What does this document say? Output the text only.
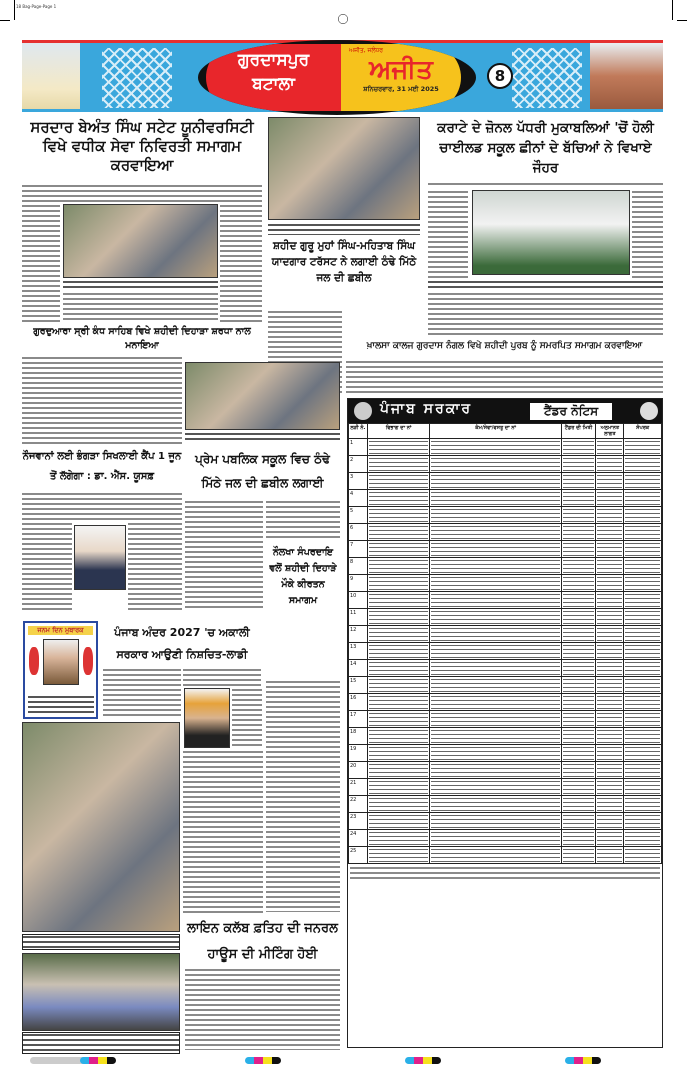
18 Bag-Page-Page 1
8
ਗੁਰਦਾਸਪੁਰ
ਬਟਾਲਾ
ਅਜੀਤ, ਜਲੰਧਰ
ਅਜੀਤ
ਸ਼ਨਿਚਰਵਾਰ, 31 ਮਈ 2025
ਸਰਦਾਰ ਬੇਅੰਤ ਸਿੰਘ ਸਟੇਟ ਯੂਨੀਵਰਸਿਟੀ ਵਿਖੇ ਵਧੀਕ ਸੇਵਾ ਨਿਵਿਰਤੀ ਸਮਾਗਮ ਕਰਵਾਇਆ
ਸ਼ਹੀਦ ਗੁਰੂ ਮੁਹਾਂ ਸਿੰਘ-ਮਹਿਤਾਬ ਸਿੰਘ ਯਾਦਗਾਰ ਟਰੱਸਟ ਨੇ ਲਗਾਈ ਠੰਢੇ ਮਿੱਠੇ ਜਲ ਦੀ ਛਬੀਲ
ਕਰਾਟੇ ਦੇ ਜ਼ੋਨਲ ਪੱਧਰੀ ਮੁਕਾਬਲਿਆਂ 'ਚੋਂ ਹੋਲੀ ਚਾਈਲਡ ਸਕੂਲ ਛੀਨਾਂ ਦੇ ਬੱਚਿਆਂ ਨੇ ਵਿਖਾਏ ਜੌਹਰ
ਖ਼ਾਲਸਾ ਕਾਲਜ ਗੁਰਦਾਸ ਨੰਗਲ ਵਿਖੇ ਸ਼ਹੀਦੀ ਪੁਰਬ ਨੂੰ ਸਮਰਪਿਤ ਸਮਾਗਮ ਕਰਵਾਇਆ
ਪੰਜਾਬ ਸਰਕਾਰ	ਟੈਂਡਰ ਨੋਟਿਸ
ਲੜੀ ਨੰ.	ਵਿਭਾਗ ਦਾ ਨਾਂ	ਕੰਮ/ਸੇਵਾ/ਵਸਤੂ ਦਾ ਨਾਂ	ਟੈਂਡਰ ਦੀ ਮਿਤੀ	ਅਨੁਮਾਨਤ ਲਾਗਤ	ਸੰਪਰਕ
1	

2	

3	

4	

5	

6	

7	

8	

9	

10	

11	

12	

13	

14	

15	

16	

17	

18	

19	

20	

21	

22	

23	

24	

25	

ਗੁਰਦੁਆਰਾ ਸ੍ਰੀ ਕੰਧ ਸਾਹਿਬ ਵਿਖੇ ਸ਼ਹੀਦੀ ਦਿਹਾੜਾ ਸ਼ਰਧਾ ਨਾਲ ਮਨਾਇਆ
ਨੌਜਵਾਨਾਂ ਲਈ ਭੰਗੜਾ ਸਿਖਲਾਈ ਕੈਂਪ 1 ਜੂਨ ਤੋਂ ਲੱਗੇਗਾ : ਡਾ. ਐੱਸ. ਯੂਸਫ਼
ਪ੍ਰੇਮ ਪਬਲਿਕ ਸਕੂਲ ਵਿਚ ਠੰਢੇ ਮਿੱਠੇ ਜਲ ਦੀ ਛਬੀਲ ਲਗਾਈ
ਨੌਲਖਾ ਸੰਪਰਦਾਇ ਵਲੋਂ ਸ਼ਹੀਦੀ ਦਿਹਾੜੇ ਮੌਕੇ ਕੀਰਤਨ ਸਮਾਗਮ
ਜਨਮ ਦਿਨ ਮੁਬਾਰਕ	ਪੰਜਾਬ ਅੰਦਰ 2027 'ਚ ਅਕਾਲੀ ਸਰਕਾਰ ਆਉਣੀ ਨਿਸ਼ਚਿਤ-ਲਾਡੀ
ਲਾਇਨ ਕਲੱਬ ਫ਼ਤਿਹ ਦੀ ਜਨਰਲ ਹਾਊਸ ਦੀ ਮੀਟਿੰਗ ਹੋਈ
